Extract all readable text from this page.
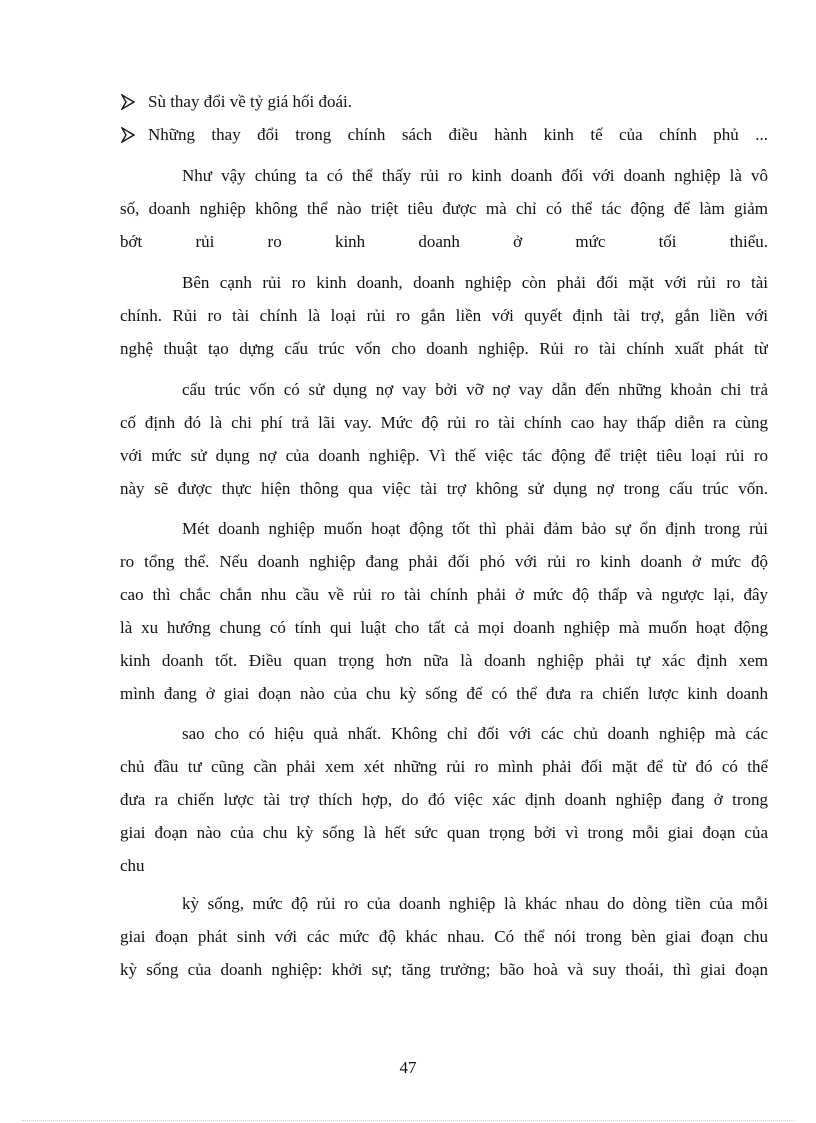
Sù thay đổi về tỷ giá hối đoái.
Những thay đổi trong chính sách điều hành kinh tế của chính phủ ...
Như vậy chúng ta có thể thấy rủi ro kinh doanh đối với doanh nghiệp là vô
số, doanh nghiệp không thể nào triệt tiêu được mà chỉ có thể tác động để làm giảm
bớt rủi ro kinh doanh ở mức tối thiểu.
Bên cạnh rủi ro kinh doanh, doanh nghiệp còn phải đối mặt với rủi ro tài
chính. Rủi ro tài chính là loại rủi ro gắn liền với quyết định tài trợ, gắn liền với
nghệ thuật tạo dựng cấu trúc vốn cho doanh nghiệp. Rủi ro tài chính xuất phát từ
cấu trúc vốn có sử dụng nợ vay bởi vỡ nợ vay dẫn đến những khoản chi trả
cố định đó là chi phí trả lãi vay. Mức độ rủi ro tài chính cao hay thấp diễn ra cùng
với mức sử dụng nợ của doanh nghiệp. Vì thế việc tác động để triệt tiêu loại rủi ro
này sẽ được thực hiện thông qua việc tài trợ không sử dụng nợ trong cấu trúc vốn.
Mét doanh nghiệp muốn hoạt động tốt thì phải đảm bảo sự ổn định trong rủi
ro tổng thể. Nếu doanh nghiệp đang phải đối phó với rủi ro kinh doanh ở mức độ
cao thì chắc chắn nhu cầu về rủi ro tài chính phải ở mức độ thấp và ngược lại, đây
là xu hướng chung có tính qui luật cho tất cả mọi doanh nghiệp mà muốn hoạt động
kinh doanh tốt. Điều quan trọng hơn nữa là doanh nghiệp phải tự xác định xem
mình đang ở giai đoạn nào của chu kỳ sống để có thể đưa ra chiến lược kinh doanh
sao cho có hiệu quả nhất. Không chỉ đối với các chủ doanh nghiệp mà các
chủ đầu tư cũng cần phải xem xét những rủi ro mình phải đối mặt để từ đó có thể
đưa ra chiến lược tài trợ thích hợp, do đó việc xác định doanh nghiệp đang ở trong
giai đoạn nào của chu kỳ sống là hết sức quan trọng bởi vì trong mỗi giai đoạn của
chu
kỳ sống, mức độ rủi ro của doanh nghiệp là khác nhau do dòng tiền của mỗi
giai đoạn phát sinh với các mức độ khác nhau. Có thể nói trong bèn giai đoạn chu
kỳ sống của doanh nghiệp: khởi sự; tăng trưởng; bão hoà và suy thoái, thì giai đoạn
47
